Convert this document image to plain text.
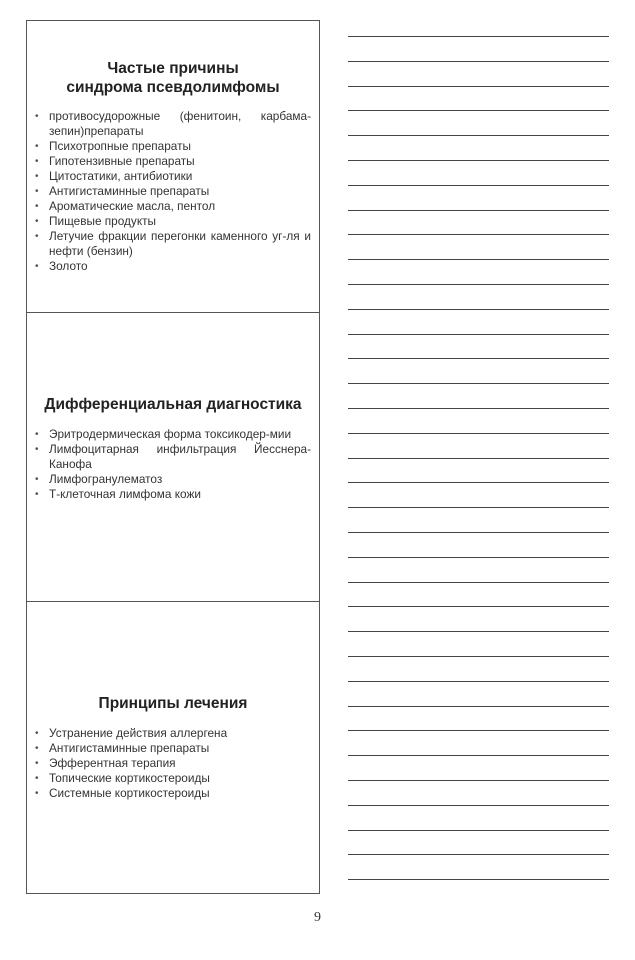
Частые причины
синдрома псевдолимфомы
• противосудорожные (фенитоин, карбама-зепин)препараты
• Психотропные препараты
• Гипотензивные препараты
• Цитостатики, антибиотики
• Антигистаминные препараты
• Ароматические масла, пентол
• Пищевые продукты
• Летучие фракции перегонки каменного уг-ля и нефти (бензин)
• Золото
Дифференциальная диагностика
• Эритродермическая форма токсикодер-мии
• Лимфоцитарная инфильтрация Йесснера-Канофа
• Лимфогранулематоз
• Т-клеточная лимфома кожи
Принципы лечения
• Устранение действия аллергена
• Антигистаминные препараты
• Эфферентная терапия
• Топические кортикостероиды
• Системные кортикостероиды
9
